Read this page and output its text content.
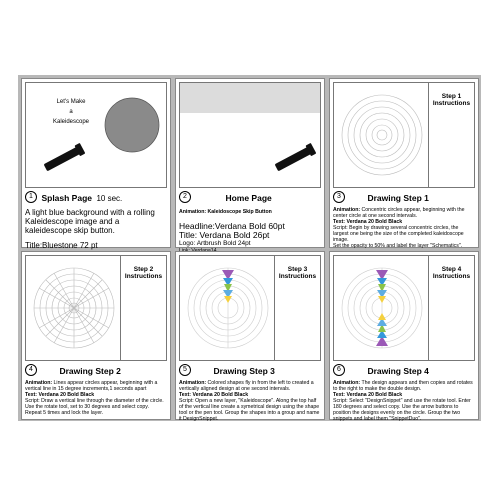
Let's Make
a
Kaleidescope
1 Splash Page 10 sec.
A light blue background with a rolling Kaleidescope image and a kaleidescope skip button.
Title:Bluestone 72 pt
2	Home Page
Animation: Kaleidoscope Skip Button
Headline:Verdana Bold 60pt
Title: Verdana Bold 26pt
Logo: Artbrush Bold 24pt
Step 1 Instructions
3	Drawing Step 1
Animation: Concentric circles appear, beginning with the center circle at one second intervals.
Text: Verdana 20 Bold Black
Script: Begin by drawing several concentric circles, the largest one being the size of the completed kaleidoscope image.
Set the opacity to 50% and label the layer "Schematics".
Step 2 Instructions
4	Drawing Step 2
Animation: Lines appear circles appear, beginning with a vertical line in 15 degree increments,1 seconds apart
Text: Verdana 20 Bold Black
Script: Draw a vertical line through the diameter of the circle. Use the rotate tool, set to 30 degrees and select copy. Repeat 5 times and lock the layer.
Step 3 Instructions
5	Drawing Step 3
Animation: Colored shapes fly in from the left to created a vertically aligned design at one second intervals.
Text: Verdana 20 Bold Black
Script: Open a new layer, "Kaleidoscope". Along the top half of the vertical line create a symetrical design using the shape tool or the pen tool. Group the shapes into a group and name it DesignSnippet.
Step 4 Instructions
6	Drawing Step 4
Animation: The design appears and then copies and rotates to the right to make the double design.
Text: Verdana 20 Bold Black
Script: Select "DesignSnippet" and use the rotate tool. Enter 180 degrees and select copy. Use the arrow buttons to position the designs evenly on the circle. Group the two snippets and label them "SnippetDuo".
